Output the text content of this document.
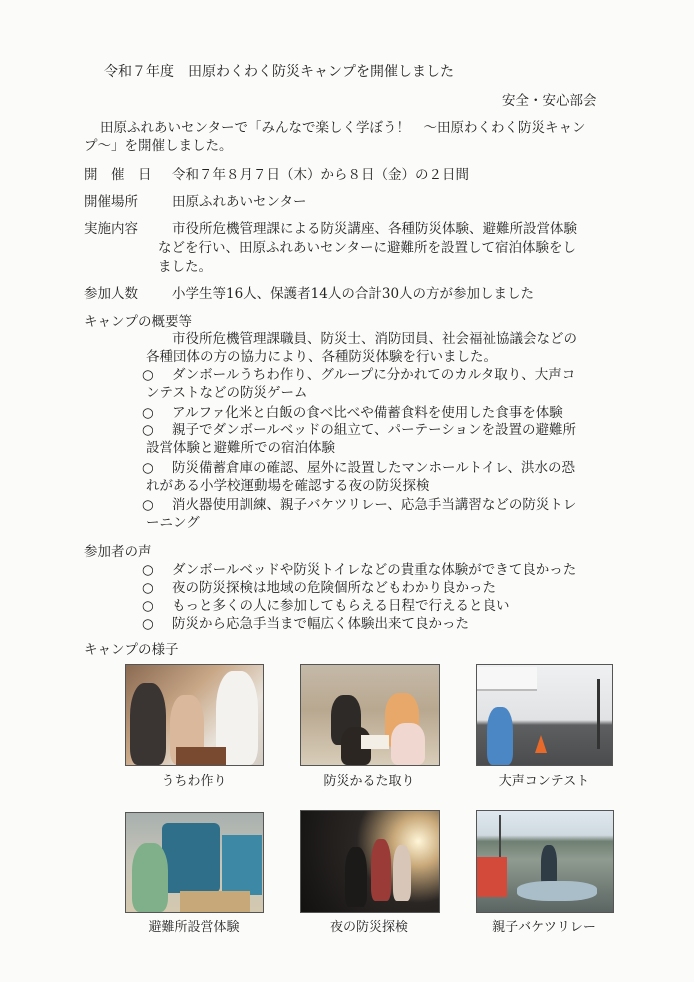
令和７年度　田原わくわく防災キャンプを開催しました
安全・安心部会
田原ふれあいセンターで「みんなで楽しく学ぼう！　～田原わくわく防災キャン
プ～」を開催しました。
開　催　日 令和７年８月７日（木）から８日（金）の２日間
開催場所	田原ふれあいセンター
実施内容	市役所危機管理課による防災講座、各種防災体験、避難所設営体験
などを行い、田原ふれあいセンターに避難所を設置して宿泊体験をし
ました。
参加人数	小学生等16人、保護者14人の合計30人の方が参加しました
キャンプの概要等
市役所危機管理課職員、防災士、消防団員、社会福祉協議会などの
各種団体の方の協力により、各種防災体験を行いました。
○ ダンボールうちわ作り、グループに分かれてのカルタ取り、大声コ
ンテストなどの防災ゲーム
○ アルファ化米と白飯の食べ比べや備蓄食料を使用した食事を体験
○ 親子でダンボールベッドの組立て、パーテーションを設置の避難所
設営体験と避難所での宿泊体験
○ 防災備蓄倉庫の確認、屋外に設置したマンホールトイレ、洪水の恐
れがある小学校運動場を確認する夜の防災探検
○ 消火器使用訓練、親子バケツリレー、応急手当講習などの防災トレ
ーニング
参加者の声
○ ダンボールベッドや防災トイレなどの貴重な体験ができて良かった
○ 夜の防災探検は地域の危険個所などもわかり良かった
○ もっと多くの人に参加してもらえる日程で行えると良い
○ 防災から応急手当まで幅広く体験出来て良かった
キャンプの様子
うちわ作り	防災かるた取り	大声コンテスト
避難所設営体験	夜の防災探検	親子バケツリレー
